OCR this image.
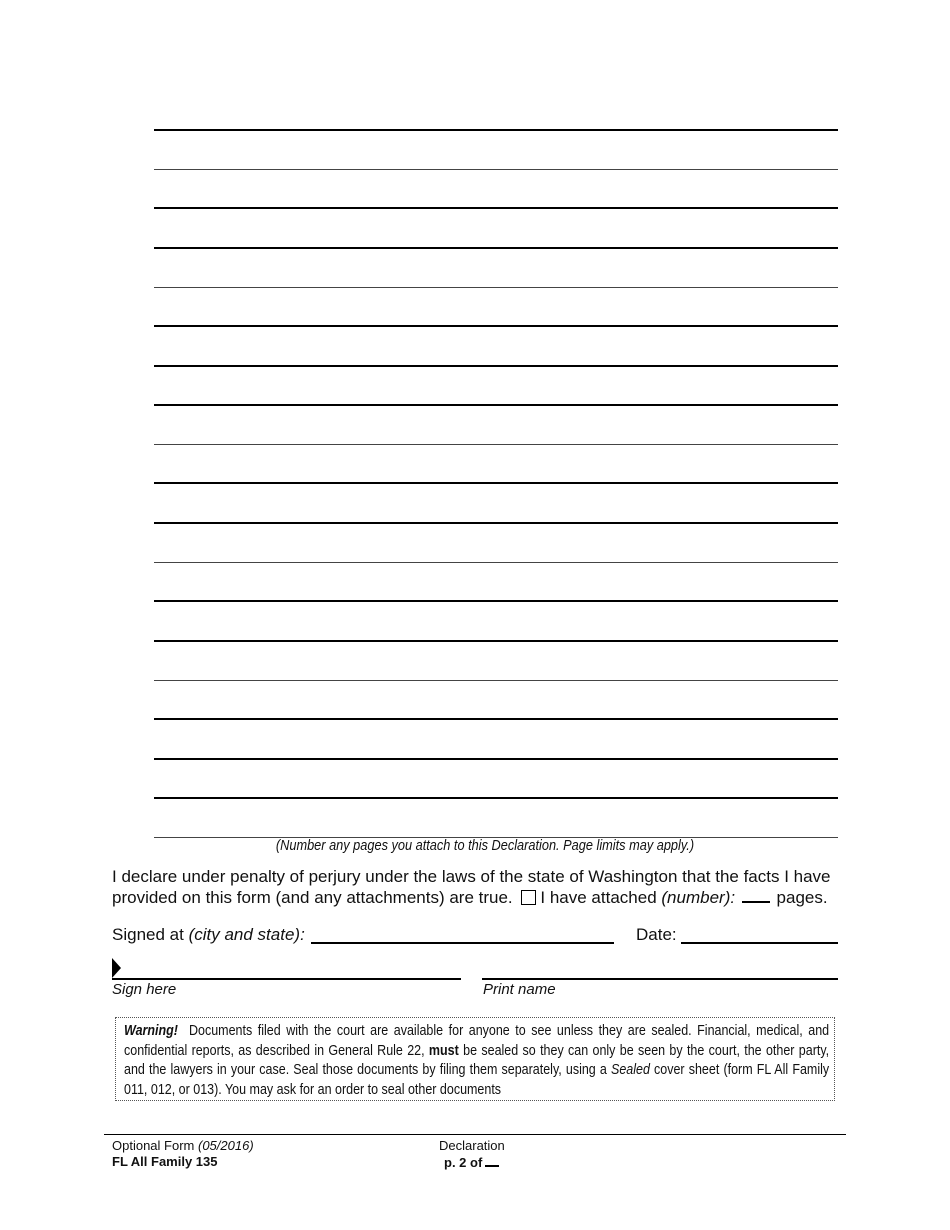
(Number any pages you attach to this Declaration. Page limits may apply.)
I declare under penalty of perjury under the laws of the state of Washington that the facts I have provided on this form (and any attachments) are true. I have attached (number): pages.
Signed at (city and state):	Date:
Sign here	Print name
Warning! Documents filed with the court are available for anyone to see unless they are sealed. Financial, medical, and confidential reports, as described in General Rule 22, must be sealed so they can only be seen by the court, the other party, and the lawyers in your case. Seal those documents by filing them separately, using a Sealed cover sheet (form FL All Family 011, 012, or 013). You may ask for an order to seal other documents
Optional Form (05/2016)
FL All Family 135
Declaration
p. 2 of
